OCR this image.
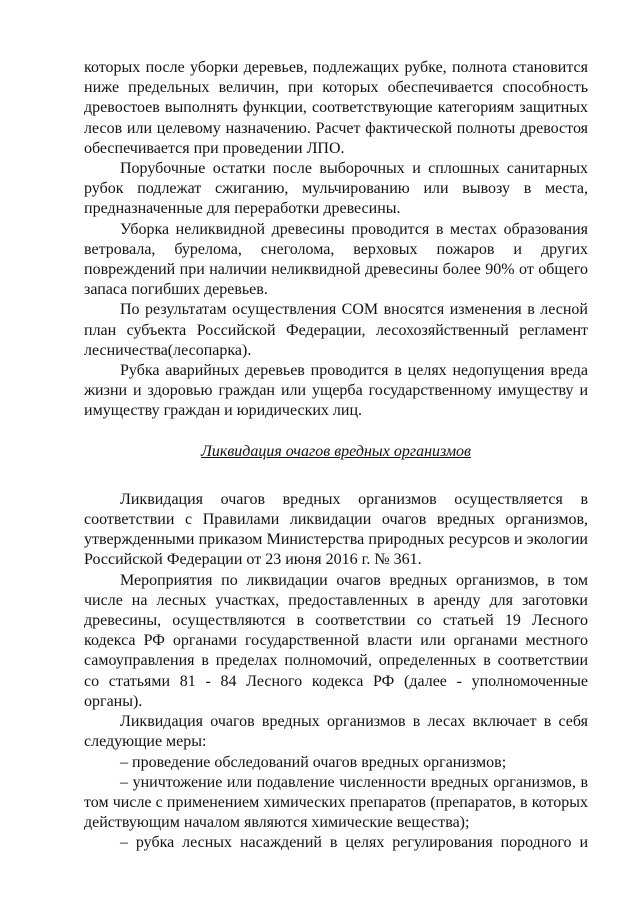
которых после уборки деревьев, подлежащих рубке, полнота становится ниже предельных величин, при которых обеспечивается способность древостоев выполнять функции, соответствующие категориям защитных лесов или целевому назначению. Расчет фактической полноты древостоя обеспечивается при проведении ЛПО.

Порубочные остатки после выборочных и сплошных санитарных рубок подлежат сжиганию, мульчированию или вывозу в места, предназначенные для переработки древесины.

Уборка неликвидной древесины проводится в местах образования ветровала, бурелома, снеголома, верховых пожаров и других повреждений при наличии неликвидной древесины более 90% от общего запаса погибших деревьев.

По результатам осуществления СОМ вносятся изменения в лесной план субъекта Российской Федерации, лесохозяйственный регламент лесничества(лесопарка).

Рубка аварийных деревьев проводится в целях недопущения вреда жизни и здоровью граждан или ущерба государственному имуществу и имуществу граждан и юридических лиц.

Ликвидация очагов вредных организмов

Ликвидация очагов вредных организмов осуществляется в соответствии с Правилами ликвидации очагов вредных организмов, утвержденными приказом Министерства природных ресурсов и экологии Российской Федерации от 23 июня 2016 г. № 361.

Мероприятия по ликвидации очагов вредных организмов, в том числе на лесных участках, предоставленных в аренду для заготовки древесины, осуществляются в соответствии со статьей 19 Лесного кодекса РФ органами государственной власти или органами местного самоуправления в пределах полномочий, определенных в соответствии со статьями 81 - 84 Лесного кодекса РФ (далее - уполномоченные органы).

Ликвидация очагов вредных организмов в лесах включает в себя следующие меры:

– проведение обследований очагов вредных организмов;

– уничтожение или подавление численности вредных организмов, в том числе с применением химических препаратов (препаратов, в которых действующим началом являются химические вещества);

– рубка лесных насаждений в целях регулирования породного и
